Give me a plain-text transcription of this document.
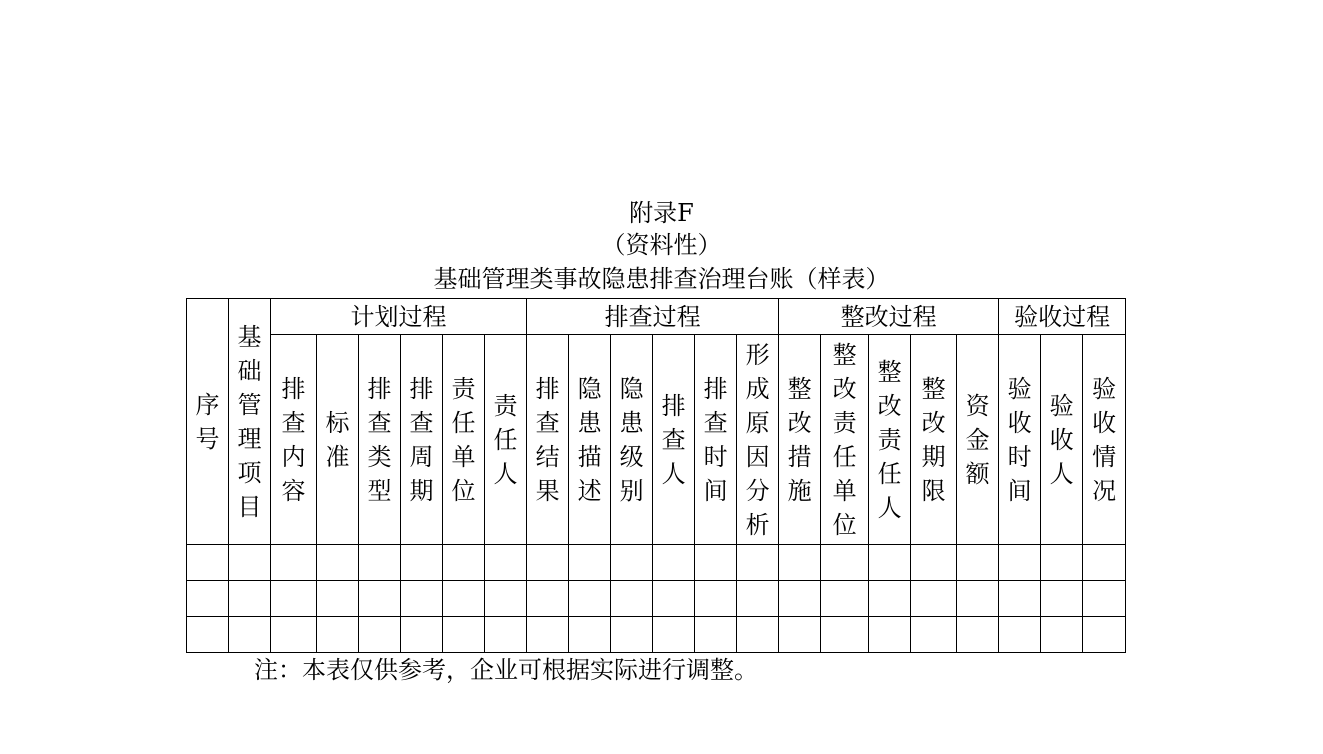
附录F
（资料性）
基础管理类事故隐患排查治理台账（样表）
序号	基础管理项目	计划过程						排查过程						整改过程					验收过程		
		排查内容	标准	排查类型	排查周期	责任单位	责任人	排查结果	隐患描述	隐患级别	排查人	排查时间	形成原因分析	整改措施	整改责任单位	整改责任人	整改期限	资金额	验收时间	验收人	验收情况

注：本表仅供参考，企业可根据实际进行调整。
